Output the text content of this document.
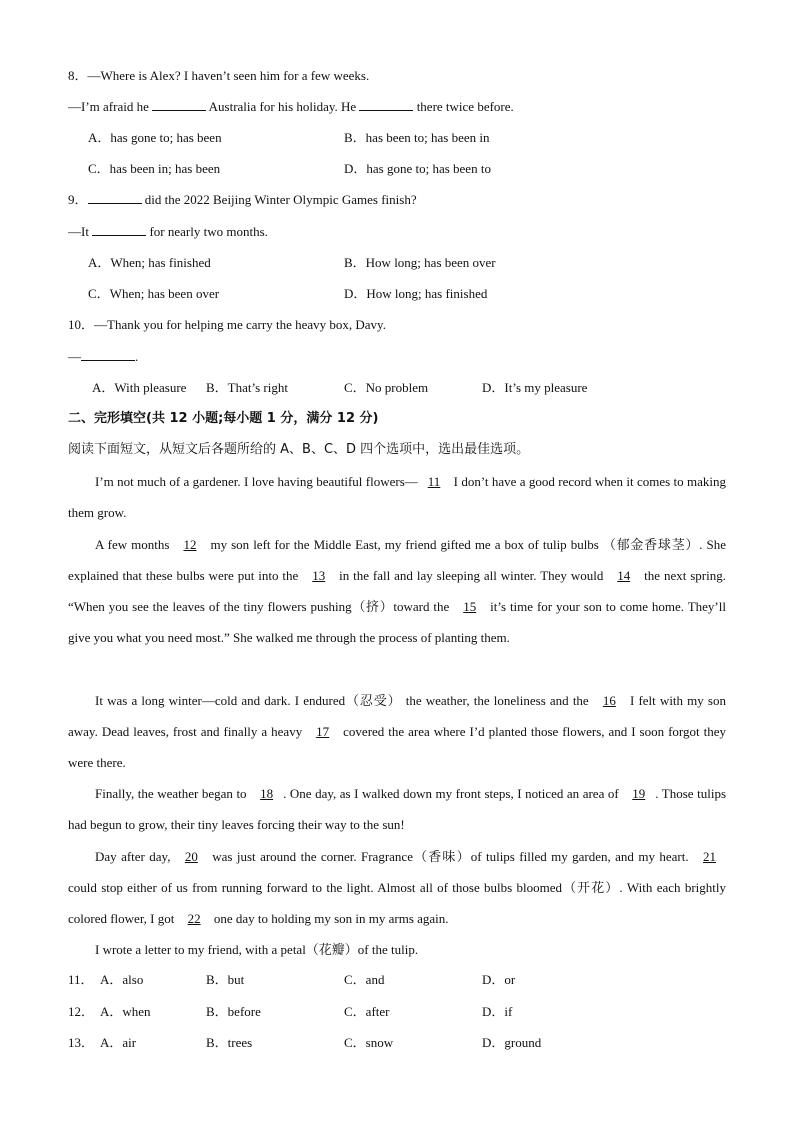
8．—Where is Alex? I haven’t seen him for a few weeks.
—I’m afraid he	Australia for his holiday. He	there twice before.
A．has gone to; has been	B．has been to; has been in
C．has been in; has been	D．has gone to; has been to
9．	did the 2022 Beijing Winter Olympic Games finish?
—It	for nearly two months.
A．When; has finished	B．How long; has been over
C．When; has been over	D．How long; has finished
10．—Thank you for helping me carry the heavy box, Davy.
—	.
A．With pleasure B．That’s right	C．No problem	D．It’s my pleasure
二、完形填空(共 12 小题;每小题 1 分，满分 12 分)
阅读下面短文，从短文后各题所给的 A、B、C、D 四个选项中，选出最佳选项。
I’m not much of a gardener. I love having beautiful flowers— 11 I don’t have a good record when it comes to making them grow.
A few months 12 my son left for the Middle East, my friend gifted me a box of tulip bulbs （郁金香球茎）. She explained that these bulbs were put into the 13 in the fall and lay sleeping all winter. They would 14 the next spring. “When you see the leaves of the tiny flowers pushing（挤）toward the 15 it’s time for your son to come home. They’ll give you what you need most.” She walked me through the process of planting them.
It was a long winter—cold and dark. I endured（忍受） the weather, the loneliness and the 16 I felt with my son away. Dead leaves, frost and finally a heavy 17 covered the area where I’d planted those flowers, and I soon forgot they were there.
Finally, the weather began to 18 . One day, as I walked down my front steps, I noticed an area of 19 . Those tulips had begun to grow, their tiny leaves forcing their way to the sun!
Day after day, 20 was just around the corner. Fragrance（香味）of tulips filled my garden, and my heart. 21 could stop either of us from running forward to the light. Almost all of those bulbs bloomed（开花）. With each brightly colored flower, I got 22 one day to holding my son in my arms again.
I wrote a letter to my friend, with a petal（花瓣）of the tulip.
11． A．also	B．but	C．and	D．or
12． A．when	B．before	C．after	D．if
13． A．air	B．trees	C．snow	D．ground
